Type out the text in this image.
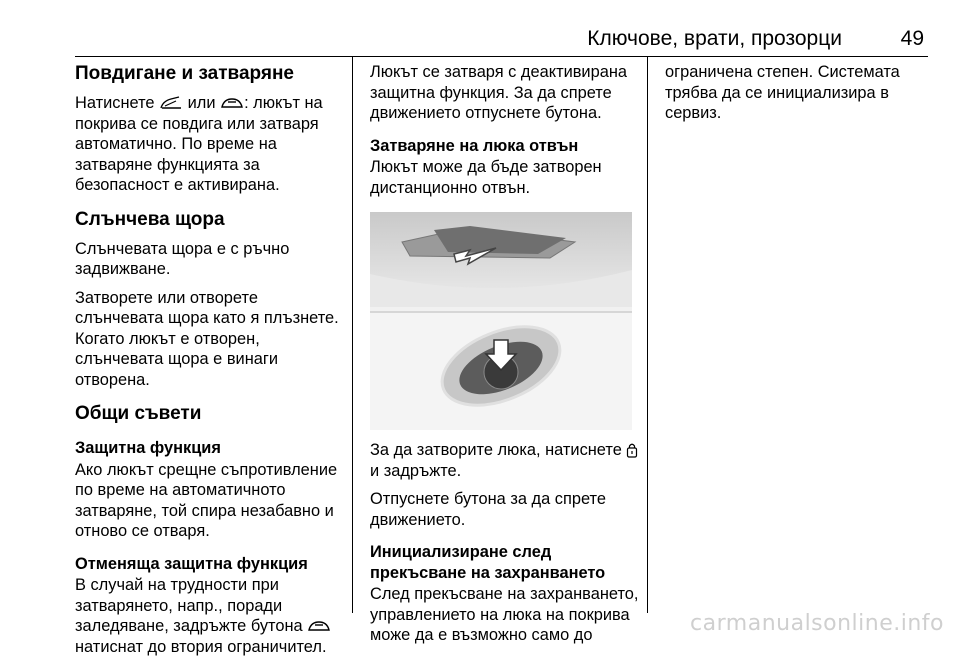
Ключове, врати, прозорци	49
Повдигане и затваряне

Натиснете  или : люкът на покрива се повдига или затваря автоматично. По време на затваряне функцията за безопасност е активирана.

Слънчева щора

Слънчевата щора е с ръчно задвижване.

Затворете или отворете слънчевата щора като я плъзнете. Когато люкът е отворен, слънчевата щора е винаги отворена.

Общи съвети
Защитна функция

Ако люкът срещне съпротивление по време на автоматичното затваряне, той спира незабавно и отново се отваря.

Отменяща защитна функция

В случай на трудности при затварянето, напр., поради заледяване, задръжте бутона  натиснат до втория ограничител.

Люкът се затваря с деактивирана защитна функция. За да спрете движението отпуснете бутона.

Затваряне на люка отвън

Люкът може да бъде затворен дистанционно отвън.

За да затворите люка, натиснете  и задръжте.

Отпуснете бутона за да спрете движението.

Инициализиране след прекъсване на захранването

След прекъсване на захранването, управлението на люка на покрива може да е възможно само до

ограничена степен. Системата трябва да се инициализира в сервиз.

carmanualsonline.info
